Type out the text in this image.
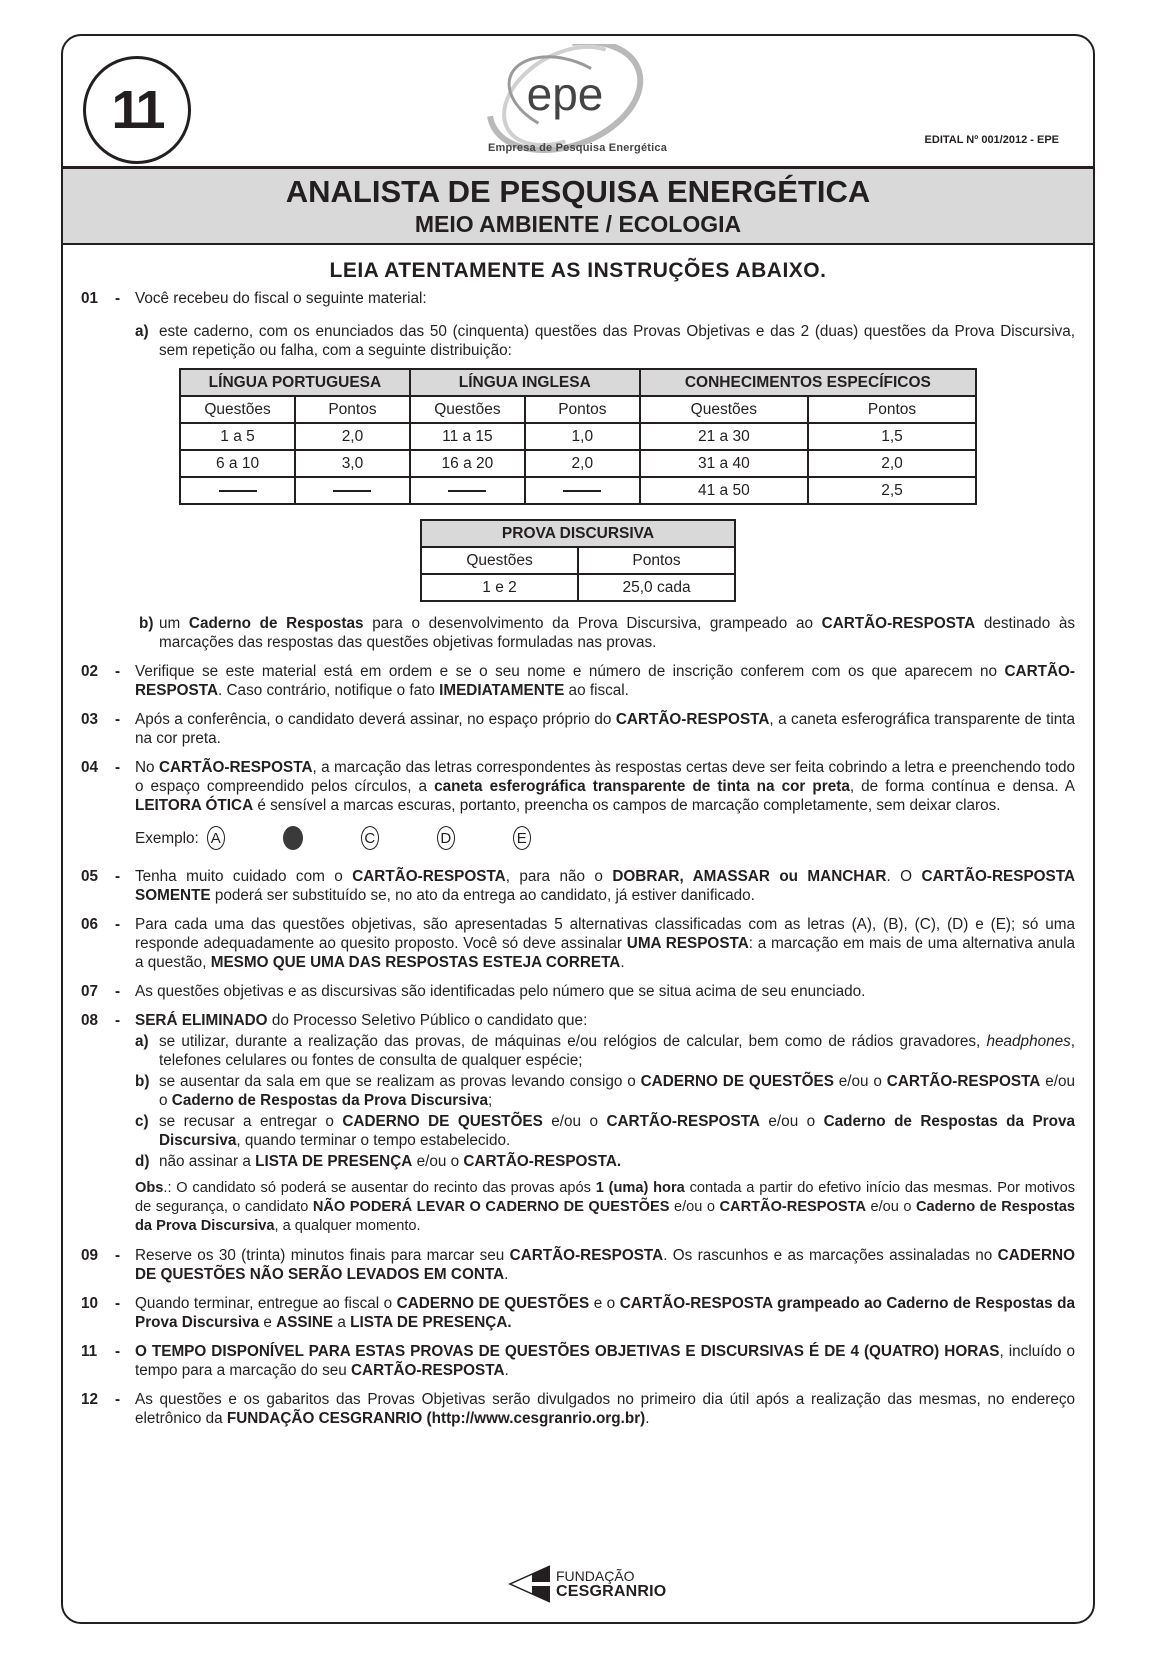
11	epe
Empresa de Pesquisa Energética
EDITAL Nº 001/2012 - EPE
ANALISTA DE PESQUISA ENERGÉTICA
MEIO AMBIENTE / ECOLOGIA
LEIA ATENTAMENTE AS INSTRUÇÕES ABAIXO.
01	- Você recebeu do fiscal o seguinte material:
a) este caderno, com os enunciados das 50 (cinquenta) questões das Provas Objetivas e das 2 (duas) questões da Prova Discursiva, sem repetição ou falha, com a seguinte distribuição:
LÍNGUA PORTUGUESA		LÍNGUA INGLESA		CONHECIMENTOS ESPECÍFICOS	
Questões	Pontos	Questões	Pontos	Questões	Pontos
1 a 5	2,0	11 a 15	1,0	21 a 30	1,5
6 a 10	3,0	16 a 20	2,0	31 a 40	2,0
				41 a 50	2,5
PROVA DISCURSIVA	
Questões	Pontos
1 e 2	25,0 cada
b) um Caderno de Respostas para o desenvolvimento da Prova Discursiva, grampeado ao CARTÃO-RESPOSTA destinado às marcações das respostas das questões objetivas formuladas nas provas.
02	- Verifique se este material está em ordem e se o seu nome e número de inscrição conferem com os que aparecem no CARTÃO-RESPOSTA. Caso contrário, notifique o fato IMEDIATAMENTE ao fiscal.
03	- Após a conferência, o candidato deverá assinar, no espaço próprio do CARTÃO-RESPOSTA, a caneta esferográfica transparente de tinta na cor preta.
04	- No CARTÃO-RESPOSTA, a marcação das letras correspondentes às respostas certas deve ser feita cobrindo a letra e preenchendo todo o espaço compreendido pelos círculos, a caneta esferográfica transparente de tinta na cor preta, de forma contínua e densa. A LEITORA ÓTICA é sensível a marcas escuras, portanto, preencha os campos de marcação completamente, sem deixar claros.
Exemplo: A	C	D	E
05	- Tenha muito cuidado com o CARTÃO-RESPOSTA, para não o DOBRAR, AMASSAR ou MANCHAR. O CARTÃO-RESPOSTA SOMENTE poderá ser substituído se, no ato da entrega ao candidato, já estiver danificado.
06	- Para cada uma das questões objetivas, são apresentadas 5 alternativas classificadas com as letras (A), (B), (C), (D) e (E); só uma responde adequadamente ao quesito proposto. Você só deve assinalar UMA RESPOSTA: a marcação em mais de uma alternativa anula a questão, MESMO QUE UMA DAS RESPOSTAS ESTEJA CORRETA.
07	- As questões objetivas e as discursivas são identificadas pelo número que se situa acima de seu enunciado.
08	- SERÁ ELIMINADO do Processo Seletivo Público o candidato que:
a) se utilizar, durante a realização das provas, de máquinas e/ou relógios de calcular, bem como de rádios gravadores, headphones, telefones celulares ou fontes de consulta de qualquer espécie;
b) se ausentar da sala em que se realizam as provas levando consigo o CADERNO DE QUESTÕES e/ou o CARTÃO-RESPOSTA e/ou o Caderno de Respostas da Prova Discursiva;
c) se recusar a entregar o CADERNO DE QUESTÕES e/ou o CARTÃO-RESPOSTA e/ou o Caderno de Respostas da Prova Discursiva, quando terminar o tempo estabelecido.
d) não assinar a LISTA DE PRESENÇA e/ou o CARTÃO-RESPOSTA.
Obs.: O candidato só poderá se ausentar do recinto das provas após 1 (uma) hora contada a partir do efetivo início das mesmas. Por motivos de segurança, o candidato NÃO PODERÁ LEVAR O CADERNO DE QUESTÕES e/ou o CARTÃO-RESPOSTA e/ou o Caderno de Respostas da Prova Discursiva, a qualquer momento.
09	- Reserve os 30 (trinta) minutos finais para marcar seu CARTÃO-RESPOSTA. Os rascunhos e as marcações assinaladas no CADERNO DE QUESTÕES NÃO SERÃO LEVADOS EM CONTA.
10	- Quando terminar, entregue ao fiscal o CADERNO DE QUESTÕES e o CARTÃO-RESPOSTA grampeado ao Caderno de Respostas da Prova Discursiva e ASSINE a LISTA DE PRESENÇA.
11	- O TEMPO DISPONÍVEL PARA ESTAS PROVAS DE QUESTÕES OBJETIVAS E DISCURSIVAS É DE 4 (QUATRO) HORAS, incluído o tempo para a marcação do seu CARTÃO-RESPOSTA.
12	- As questões e os gabaritos das Provas Objetivas serão divulgados no primeiro dia útil após a realização das mesmas, no endereço eletrônico da FUNDAÇÃO CESGRANRIO (http://www.cesgranrio.org.br).
FUNDAÇÃO
CESGRANRIO
